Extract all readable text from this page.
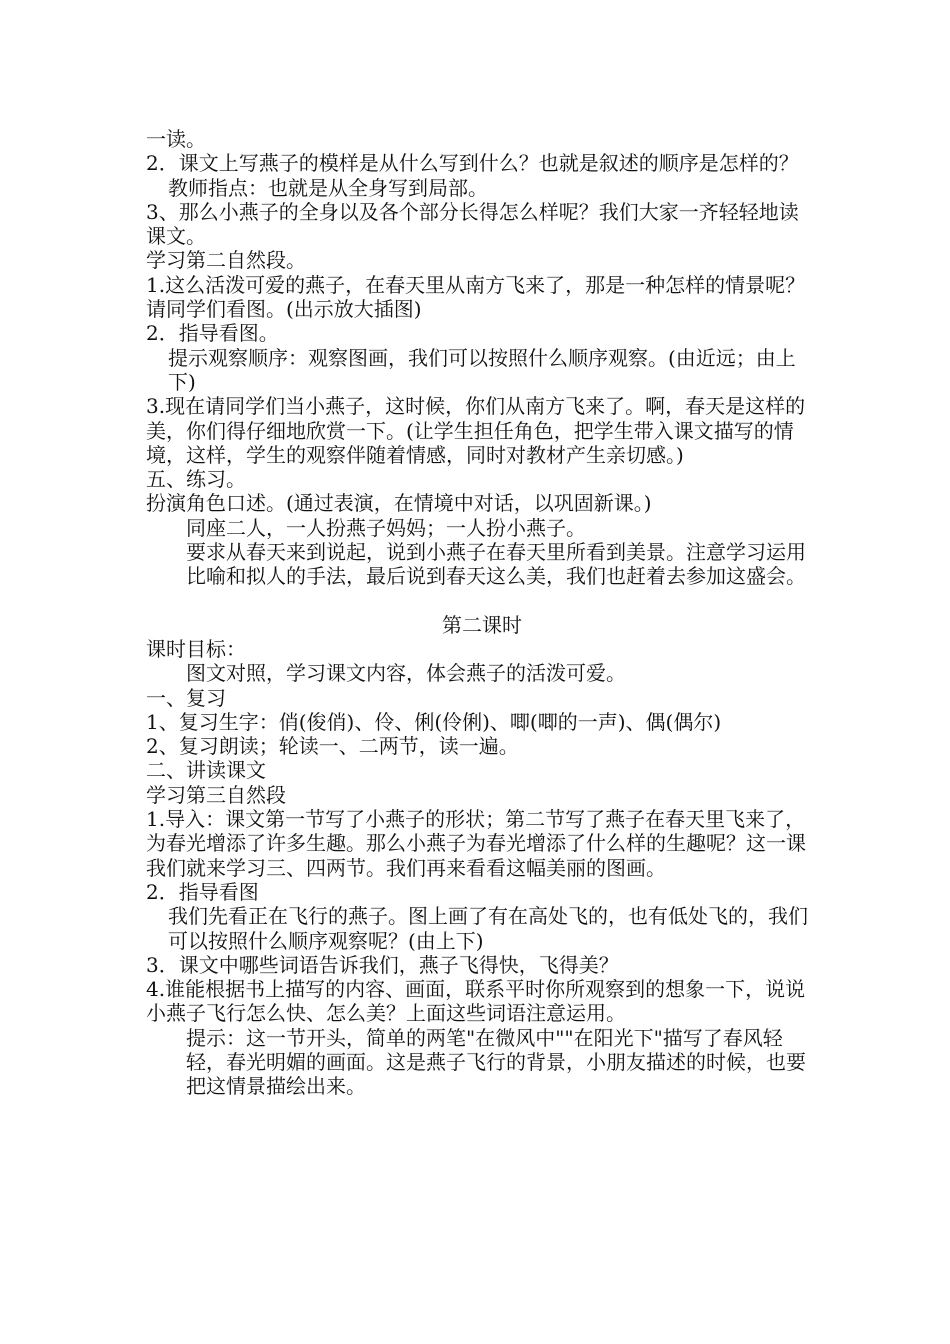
一读。

2．课文上写燕子的模样是从什么写到什么？也就是叙述的顺序是怎样的？

教师指点：也就是从全身写到局部。

3、那么小燕子的全身以及各个部分长得怎么样呢？我们大家一齐轻轻地读课文。

学习第二自然段。

1.这么活泼可爱的燕子，在春天里从南方飞来了，那是一种怎样的情景呢？请同学们看图。(出示放大插图)

2．指导看图。

提示观察顺序：观察图画，我们可以按照什么顺序观察。(由近远；由上下)

3.现在请同学们当小燕子，这时候，你们从南方飞来了。啊，春天是这样的美，你们得仔细地欣赏一下。(让学生担任角色，把学生带入课文描写的情境，这样，学生的观察伴随着情感，同时对教材产生亲切感。)

五、练习。

扮演角色口述。(通过表演，在情境中对话，以巩固新课。)

同座二人，一人扮燕子妈妈；一人扮小燕子。

要求从春天来到说起，说到小燕子在春天里所看到美景。注意学习运用比喻和拟人的手法，最后说到春天这么美，我们也赶着去参加这盛会。

第二课时

课时目标：

图文对照，学习课文内容，体会燕子的活泼可爱。

一、复习

1、复习生字：俏(俊俏)、伶、俐(伶俐)、唧(唧的一声)、偶(偶尔)

2、复习朗读；轮读一、二两节，读一遍。

二、讲读课文

学习第三自然段

1.导入：课文第一节写了小燕子的形状；第二节写了燕子在春天里飞来了，为春光增添了许多生趣。那么小燕子为春光增添了什么样的生趣呢？这一课我们就来学习三、四两节。我们再来看看这幅美丽的图画。

2．指导看图

我们先看正在飞行的燕子。图上画了有在高处飞的，也有低处飞的，我们可以按照什么顺序观察呢？(由上下)

3．课文中哪些词语告诉我们，燕子飞得快，飞得美？

4.谁能根据书上描写的内容、画面，联系平时你所观察到的想象一下，说说小燕子飞行怎么快、怎么美？上面这些词语注意运用。

提示：这一节开头，简单的两笔"在微风中""在阳光下"描写了春风轻轻，春光明媚的画面。这是燕子飞行的背景，小朋友描述的时候，也要把这情景描绘出来。
